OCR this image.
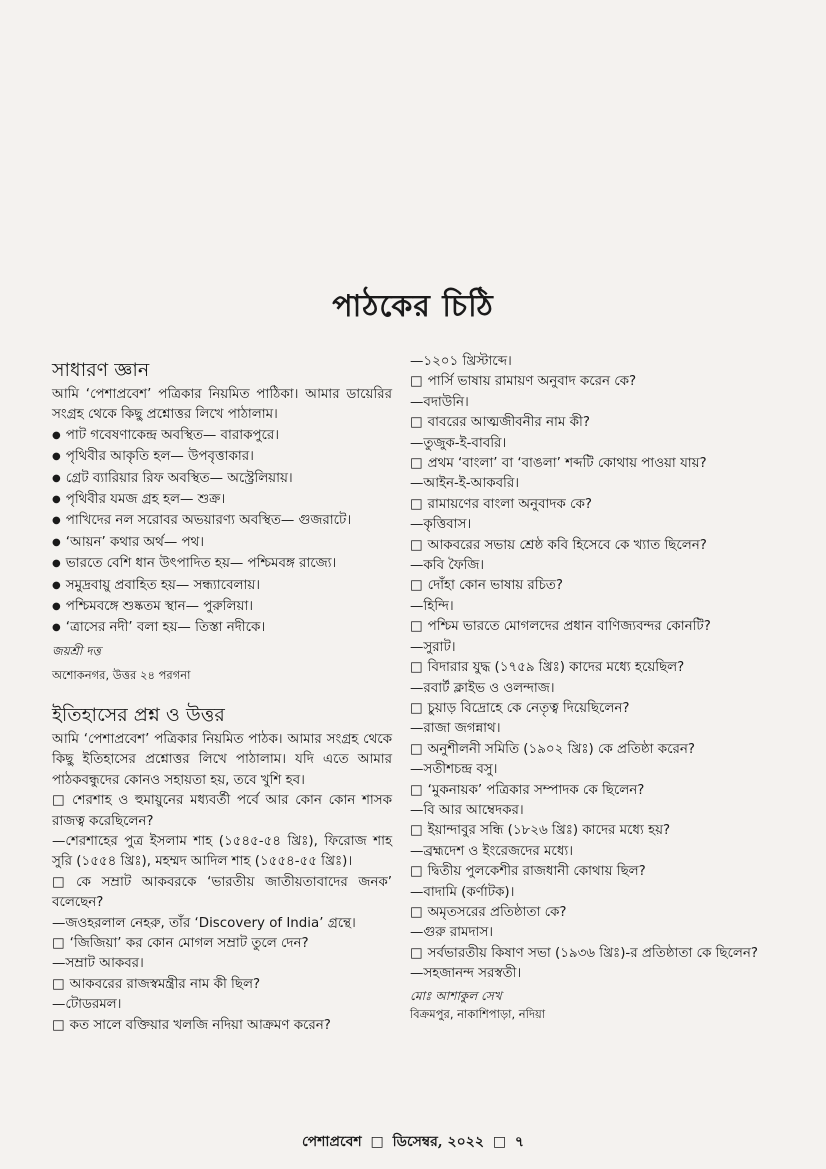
পাঠকের চিঠি
সাধারণ জ্ঞান
আমি ‘পেশাপ্রবেশ’ পত্রিকার নিয়মিত পাঠিকা। আমার ডায়েরির সংগ্রহ থেকে কিছু প্রশ্নোত্তর লিখে পাঠালাম।
● পাট গবেষণাকেন্দ্র অবস্থিত— বারাকপুরে।
● পৃথিবীর আকৃতি হল— উপবৃত্তাকার।
● গ্রেট ব্যারিয়ার রিফ অবস্থিত— অস্ট্রেলিয়ায়।
● পৃথিবীর যমজ গ্রহ হল— শুক্র।
● পাখিদের নল সরোবর অভয়ারণ্য অবস্থিত— গুজরাটে।
● ‘আয়ন’ কথার অর্থ— পথ।
● ভারতে বেশি ধান উৎপাদিত হয়— পশ্চিমবঙ্গ রাজ্যে।
● সমুদ্রবায়ু প্রবাহিত হয়— সন্ধ্যাবেলায়।
● পশ্চিমবঙ্গে শুষ্কতম স্থান— পুরুলিয়া।
● ‘ত্রাসের নদী’ বলা হয়— তিস্তা নদীকে।
জয়শ্রী দত্ত
অশোকনগর, উত্তর ২৪ পরগনা
ইতিহাসের প্রশ্ন ও উত্তর
আমি ‘পেশাপ্রবেশ’ পত্রিকার নিয়মিত পাঠক। আমার সংগ্রহ থেকে কিছু ইতিহাসের প্রশ্নোত্তর লিখে পাঠালাম। যদি এতে আমার পাঠকবন্ধুদের কোনও সহায়তা হয়, তবে খুশি হব।
□ শেরশাহ ও হুমায়ুনের মধ্যবর্তী পর্বে আর কোন কোন শাসক রাজত্ব করেছিলেন?
—শেরশাহের পুত্র ইসলাম শাহ (১৫৪৫-৫৪ খ্রিঃ), ফিরোজ শাহ সুরি (১৫৫৪ খ্রিঃ), মহম্মদ আদিল শাহ (১৫৫৪-৫৫ খ্রিঃ)।
□ কে সম্রাট আকবরকে ‘ভারতীয় জাতীয়তাবাদের জনক’ বলেছেন?
—জওহরলাল নেহরু, তাঁর ‘Discovery of India’ গ্রন্থে।
□ ‘জিজিয়া’ কর কোন মোগল সম্রাট তুলে দেন?
—সম্রাট আকবর।
□ আকবরের রাজস্বমন্ত্রীর নাম কী ছিল?
—টোডরমল।
□ কত সালে বক্তিয়ার খলজি নদিয়া আক্রমণ করেন?
—১২০১ খ্রিস্টাব্দে।
□ পার্সি ভাষায় রামায়ণ অনুবাদ করেন কে?
—বদাউনি।
□ বাবরের আত্মজীবনীর নাম কী?
—তুজুক-ই-বাবরি।
□ প্রথম ‘বাংলা’ বা ‘বাঙলা’ শব্দটি কোথায় পাওয়া যায়?
—আইন-ই-আকবরি।
□ রামায়ণের বাংলা অনুবাদক কে?
—কৃত্তিবাস।
□ আকবরের সভায় শ্রেষ্ঠ কবি হিসেবে কে খ্যাত ছিলেন?
—কবি ফৈজি।
□ দোঁহা কোন ভাষায় রচিত?
—হিন্দি।
□ পশ্চিম ভারতে মোগলদের প্রধান বাণিজ্যবন্দর কোনটি?
—সুরাট।
□ বিদারার যুদ্ধ (১৭৫৯ খ্রিঃ) কাদের মধ্যে হয়েছিল?
—রবার্ট ক্লাইভ ও ওলন্দাজ।
□ চুয়াড় বিদ্রোহে কে নেতৃত্ব দিয়েছিলেন?
—রাজা জগন্নাথ।
□ অনুশীলনী সমিতি (১৯০২ খ্রিঃ) কে প্রতিষ্ঠা করেন?
—সতীশচন্দ্র বসু।
□ ‘মুকনায়ক’ পত্রিকার সম্পাদক কে ছিলেন?
—বি আর আম্বেদকর।
□ ইয়ান্দাবুর সন্ধি (১৮২৬ খ্রিঃ) কাদের মধ্যে হয়?
—ব্রহ্মদেশ ও ইংরেজদের মধ্যে।
□ দ্বিতীয় পুলকেশীর রাজধানী কোথায় ছিল?
—বাদামি (কর্ণাটক)।
□ অমৃতসরের প্রতিষ্ঠাতা কে?
—গুরু রামদাস।
□ সর্বভারতীয় কিষাণ সভা (১৯৩৬ খ্রিঃ)-র প্রতিষ্ঠাতা কে ছিলেন?
—সহজানন্দ সরস্বতী।
মোঃ আশাকুল সেখ
বিক্রমপুর, নাকাশিপাড়া, নদিয়া
পেশাপ্রবেশ □ ডিসেম্বর, ২০২২ □ ৭
